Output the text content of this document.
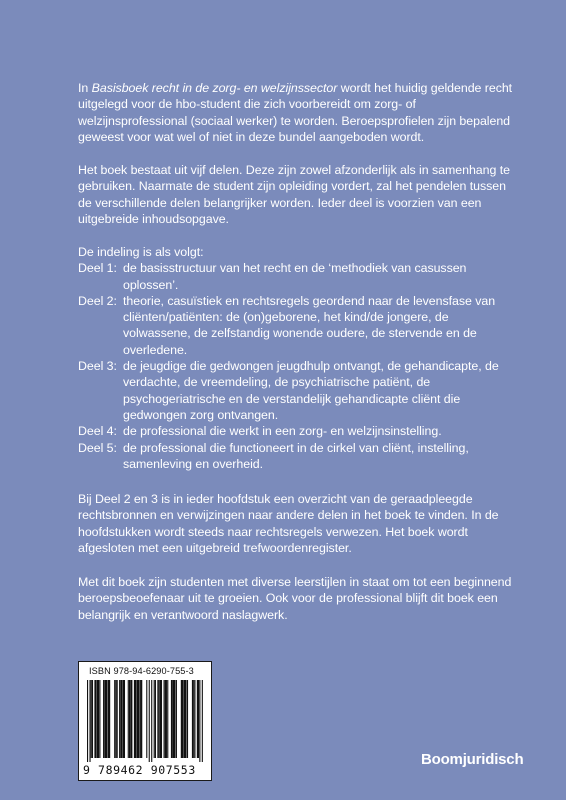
In Basisboek recht in de zorg- en welzijnssector wordt het huidig geldende recht uitgelegd voor de hbo-student die zich voorbereidt om zorg- of welzijnsprofessional (sociaal werker) te worden. Beroepsprofielen zijn bepalend geweest voor wat wel of niet in deze bundel aangeboden wordt.

Het boek bestaat uit vijf delen. Deze zijn zowel afzonderlijk als in samenhang te gebruiken. Naarmate de student zijn opleiding vordert, zal het pendelen tussen de verschillende delen belangrijker worden. Ieder deel is voorzien van een uitgebreide inhoudsopgave.

De indeling is als volgt:

Deel 1: de basisstructuur van het recht en de ‘methodiek van casussen oplossen’.
Deel 2: theorie, casuïstiek en rechtsregels geordend naar de levensfase van cliënten/patiënten: de (on)geborene, het kind/de jongere, de volwassene, de zelfstandig wonende oudere, de stervende en de overledene.
Deel 3: de jeugdige die gedwongen jeugdhulp ontvangt, de gehandicapte, de verdachte, de vreemdeling, de psychiatrische patiënt, de psychogeriatrische en de verstandelijk gehandicapte cliënt die gedwongen zorg ontvangen.
Deel 4: de professional die werkt in een zorg- en welzijnsinstelling.
Deel 5: de professional die functioneert in de cirkel van cliënt, instelling, samenleving en overheid.

Bij Deel 2 en 3 is in ieder hoofdstuk een overzicht van de geraadpleegde rechtsbronnen en verwijzingen naar andere delen in het boek te vinden. In de hoofdstukken wordt steeds naar rechtsregels verwezen. Het boek wordt afgesloten met een uitgebreid trefwoordenregister.

Met dit boek zijn studenten met diverse leerstijlen in staat om tot een beginnend beroepsbeoefenaar uit te groeien. Ook voor de professional blijft dit boek een belangrijk en verantwoord naslagwerk.

ISBN 978-94-6290-755-3
9 789462 907553
Boomjuridisch
